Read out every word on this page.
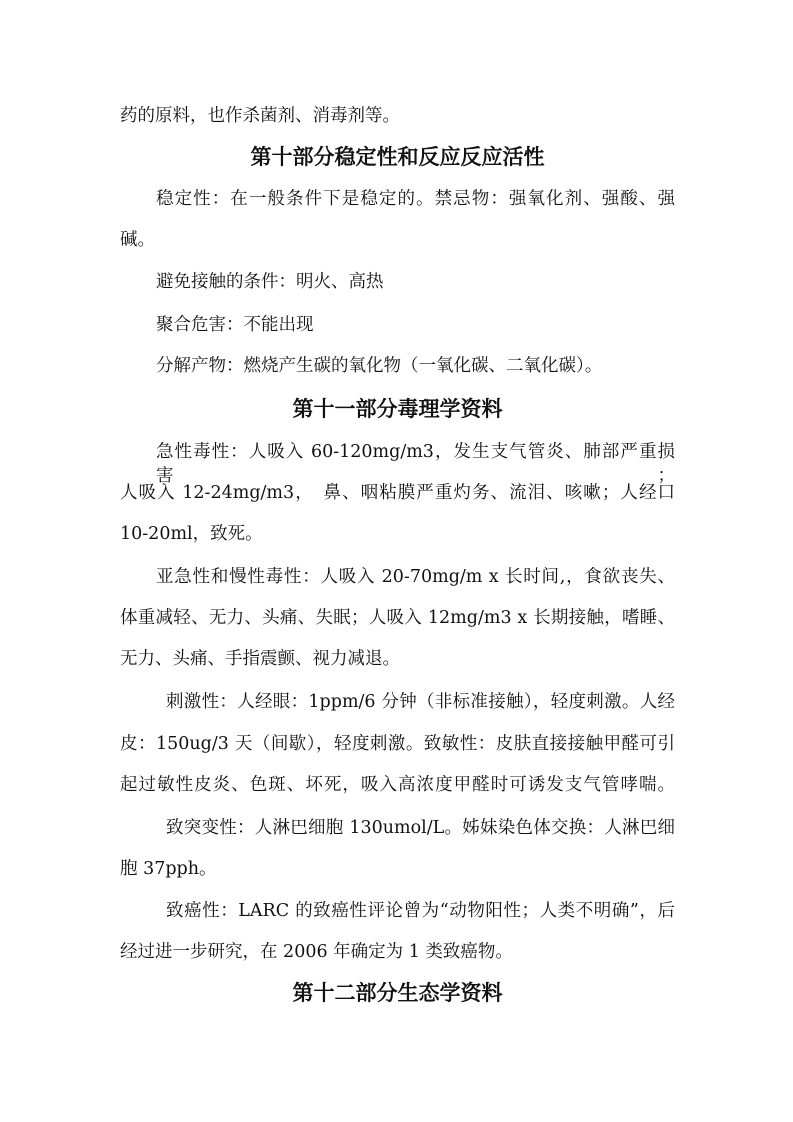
药的原料，也作杀菌剂、消毒剂等。
第十部分稳定性和反应反应活性
稳定性：在一般条件下是稳定的。禁忌物：强氧化剂、强酸、强
碱。
避免接触的条件：明火、高热
聚合危害：不能出现
分解产物：燃烧产生碳的氧化物（一氧化碳、二氧化碳）。
第十一部分毒理学资料
急性毒性：人吸入 60-120mg/m3，发生支气管炎、肺部严重损害；
人吸入 12-24mg/m3，　鼻、咽粘膜严重灼务、流泪、咳嗽；人经口
10-20ml，致死。
亚急性和慢性毒性：人吸入 20-70mg/m x 长时间,，食欲丧失、
体重减轻、无力、头痛、失眠；人吸入 12mg/m3 x 长期接触，嗜睡、
无力、头痛、手指震颤、视力减退。
刺激性：人经眼：1ppm/6 分钟（非标准接触），轻度刺激。人经
皮：150ug/3 天（间歇），轻度刺激。致敏性：皮肤直接接触甲醛可引
起过敏性皮炎、色斑、坏死，吸入高浓度甲醛时可诱发支气管哮喘。
致突变性：人淋巴细胞 130umol/L。姊妹染色体交换：人淋巴细
胞 37pph。
致癌性：LARC 的致癌性评论曾为“动物阳性；人类不明确”，后
经过进一步研究，在 2006 年确定为 1 类致癌物。
第十二部分生态学资料
